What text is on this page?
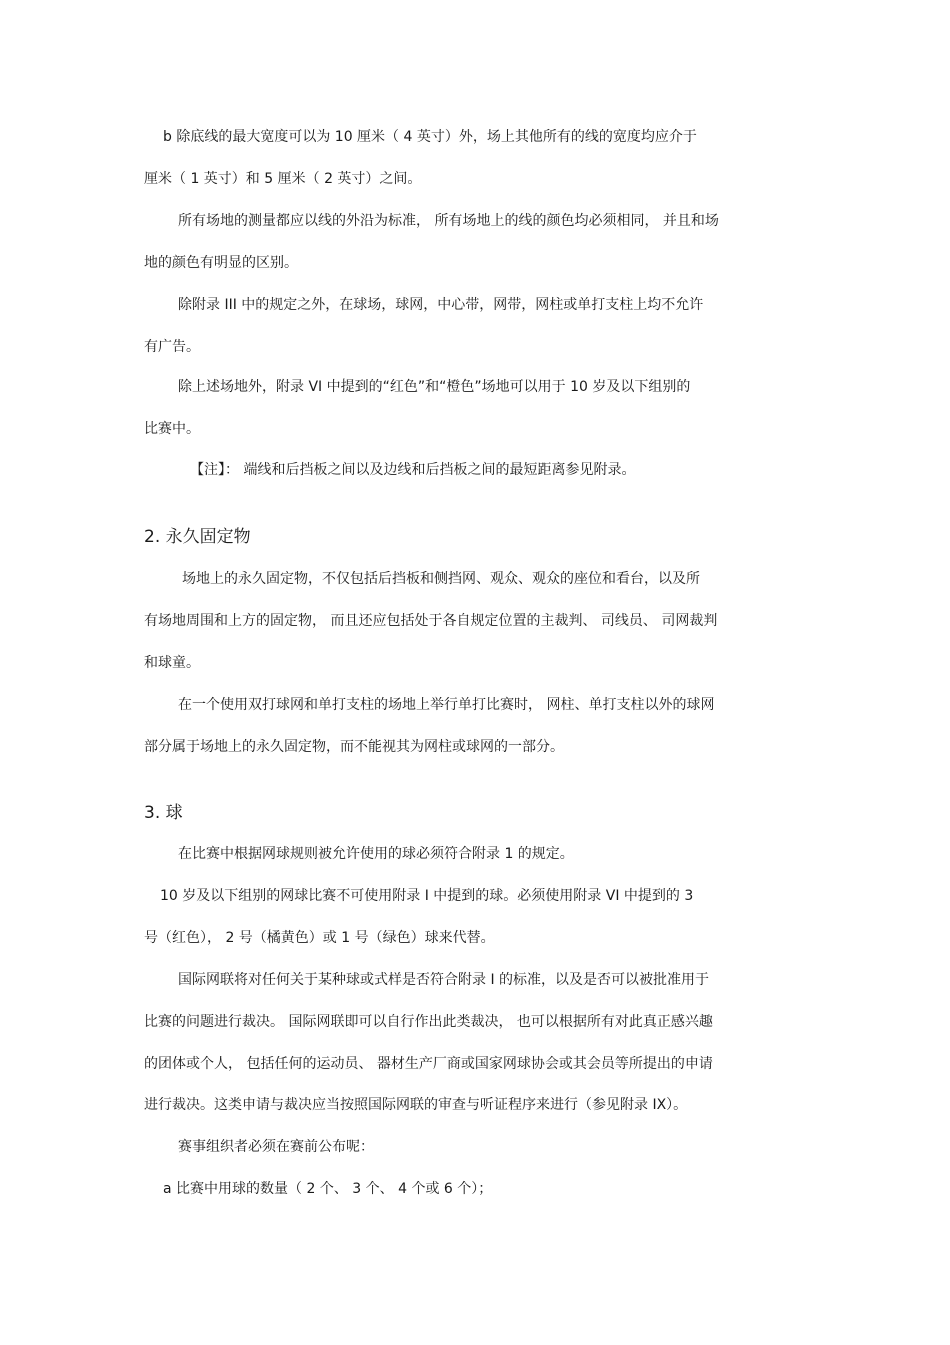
b 除底线的最大宽度可以为 10 厘米（ 4 英寸）外，场上其他所有的线的宽度均应介于
厘米（ 1 英寸）和 5 厘米（ 2 英寸）之间。
所有场地的测量都应以线的外沿为标准， 所有场地上的线的颜色均必须相同， 并且和场
地的颜色有明显的区别。
除附录 III 中的规定之外，在球场，球网，中心带，网带，网柱或单打支柱上均不允许
有广告。
除上述场地外，附录 VI 中提到的“红色”和“橙色”场地可以用于 10 岁及以下组别的
比赛中。
【注】： 端线和后挡板之间以及边线和后挡板之间的最短距离参见附录。
2. 永久固定物
场地上的永久固定物，不仅包括后挡板和侧挡网、观众、观众的座位和看台，以及所
有场地周围和上方的固定物， 而且还应包括处于各自规定位置的主裁判、 司线员、 司网裁判
和球童。
在一个使用双打球网和单打支柱的场地上举行单打比赛时， 网柱、单打支柱以外的球网
部分属于场地上的永久固定物，而不能视其为网柱或球网的一部分。
3. 球
在比赛中根据网球规则被允许使用的球必须符合附录 1 的规定。
10 岁及以下组别的网球比赛不可使用附录 I 中提到的球。必须使用附录 VI 中提到的 3
号（红色）， 2 号（橘黄色）或 1 号（绿色）球来代替。
国际网联将对任何关于某种球或式样是否符合附录 I 的标准，以及是否可以被批准用于
比赛的问题进行裁决。 国际网联即可以自行作出此类裁决， 也可以根据所有对此真正感兴趣
的团体或个人， 包括任何的运动员、 器材生产厂商或国家网球协会或其会员等所提出的申请
进行裁决。这类申请与裁决应当按照国际网联的审查与听证程序来进行（参见附录 IX）。
赛事组织者必须在赛前公布呢：
a 比赛中用球的数量（ 2 个、 3 个、 4 个或 6 个）；
